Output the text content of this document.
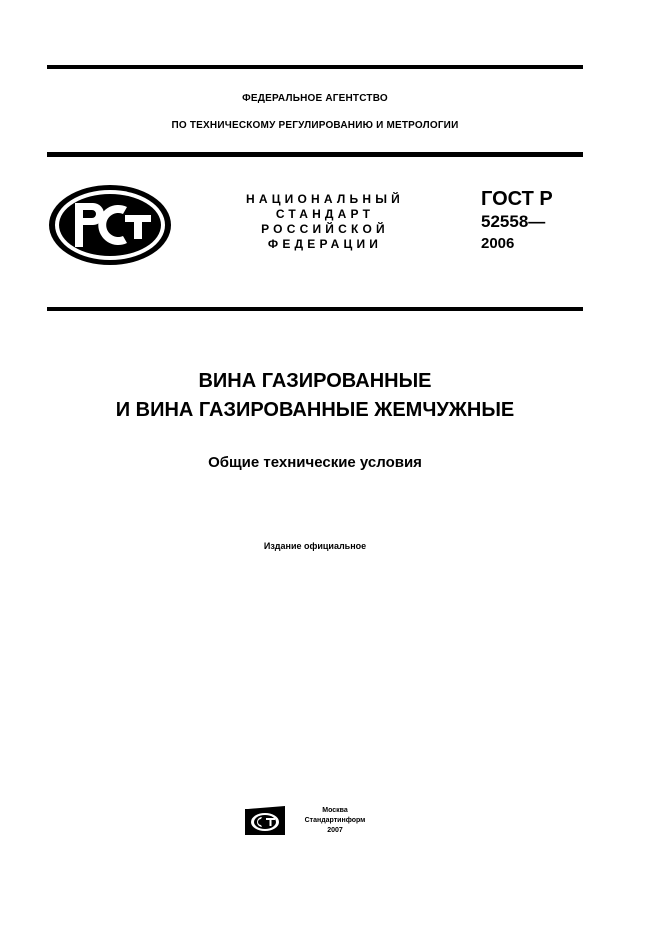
ФЕДЕРАЛЬНОЕ АГЕНТСТВО
ПО ТЕХНИЧЕСКОМУ РЕГУЛИРОВАНИЮ И МЕТРОЛОГИИ
НАЦИОНАЛЬНЫЙ
СТАНДАРТ
РОССИЙСКОЙ
ФЕДЕРАЦИИ
ГОСТ Р
52558—
2006
ВИНА ГАЗИРОВАННЫЕ
И ВИНА ГАЗИРОВАННЫЕ ЖЕМЧУЖНЫЕ
Общие технические условия
Издание официальное
Москва
Стандартинформ
2007
